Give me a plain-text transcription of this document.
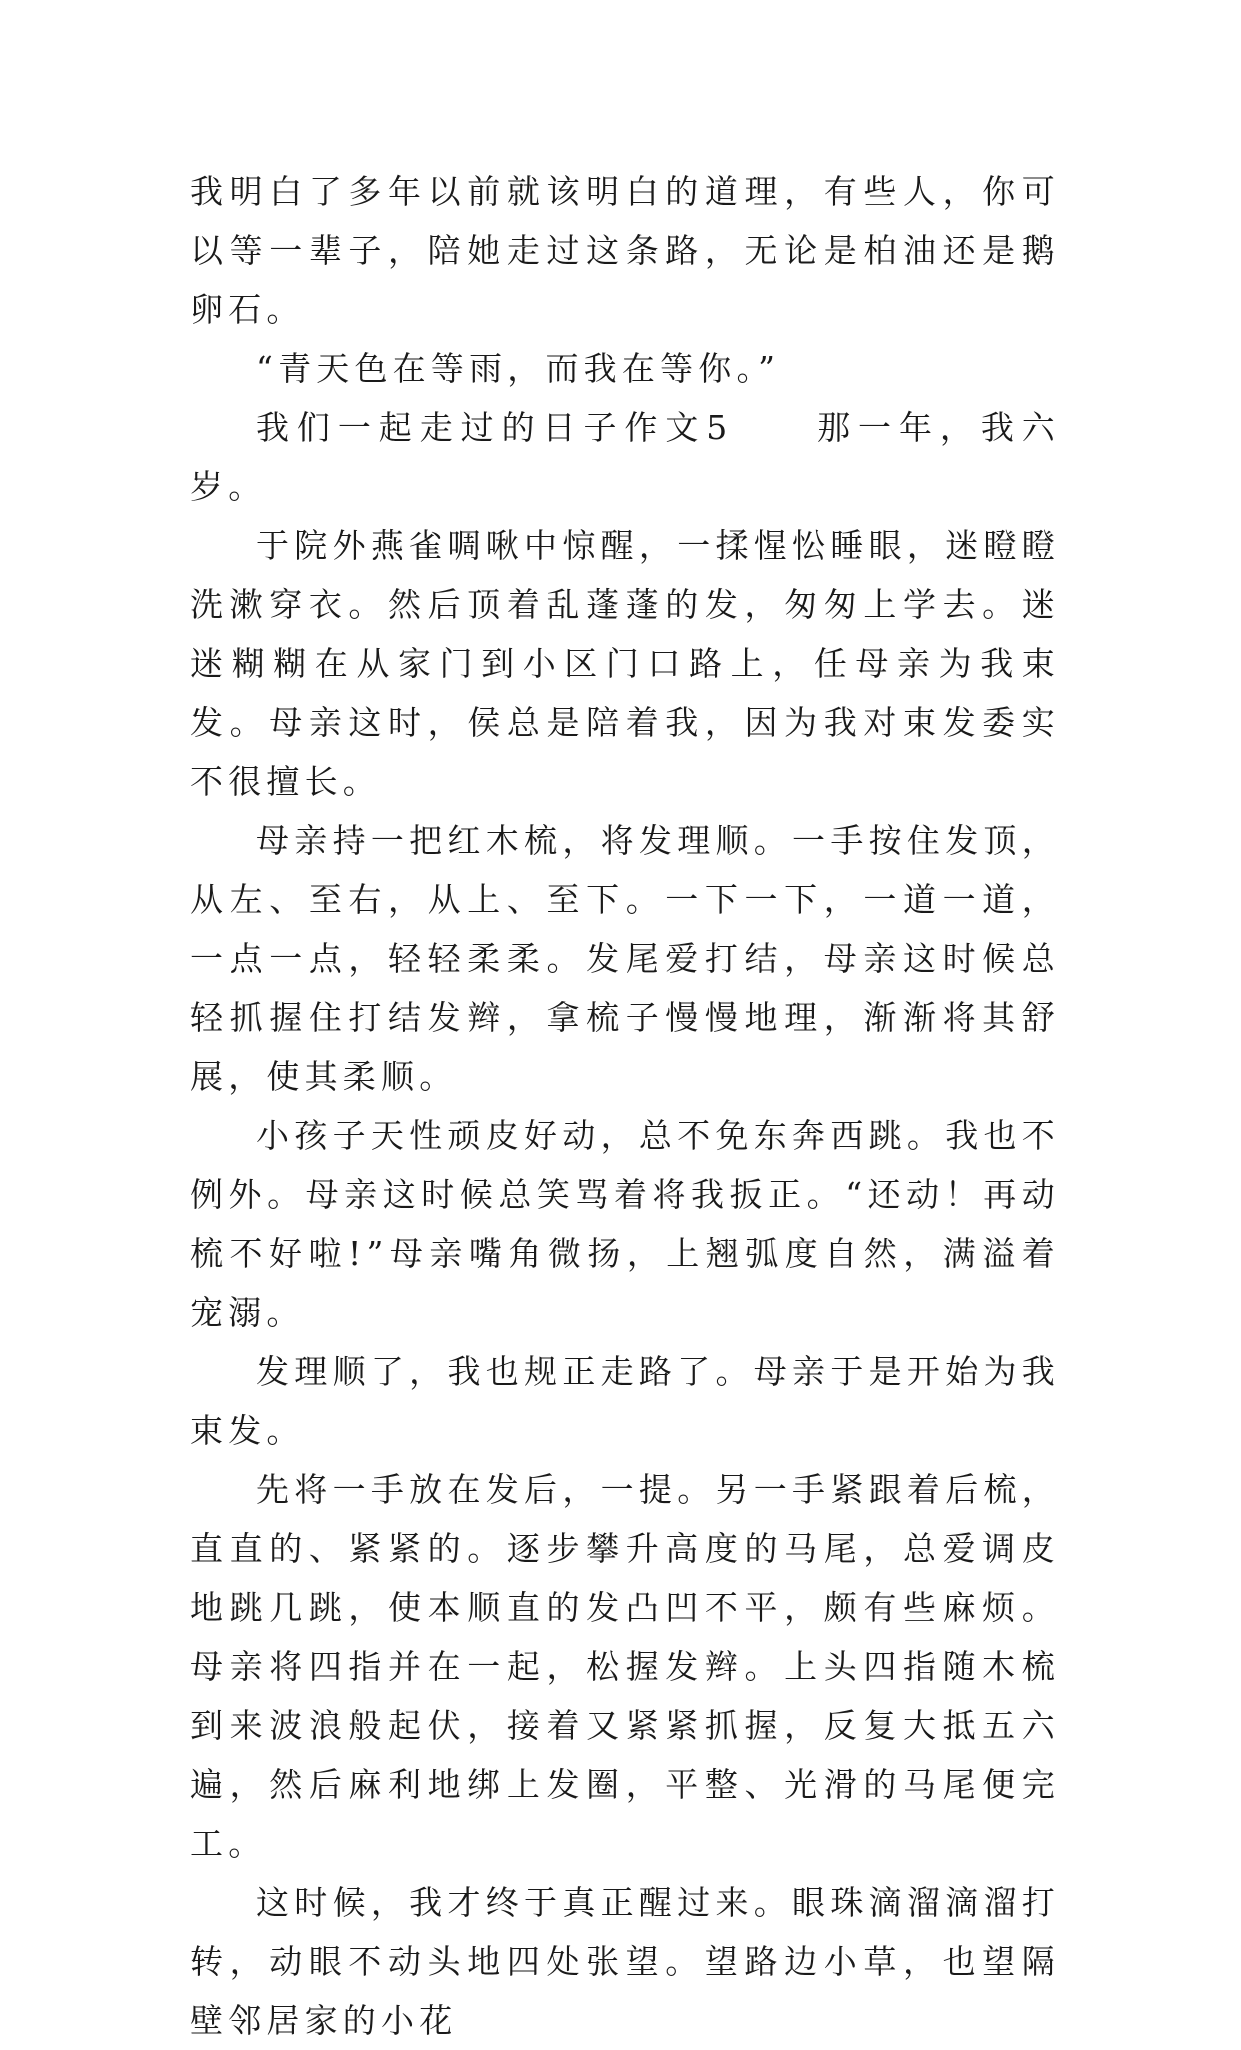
我明白了多年以前就该明白的道理，有些人，你可以等一辈子，陪她走过这条路，无论是柏油还是鹅卵石。

“青天色在等雨，而我在等你。”

我们一起走过的日子作文5　　那一年，我六岁。

于院外燕雀啁啾中惊醒，一揉惺忪睡眼，迷瞪瞪洗漱穿衣。然后顶着乱蓬蓬的发，匆匆上学去。迷迷糊糊在从家门到小区门口路上，任母亲为我束发。母亲这时，侯总是陪着我，因为我对束发委实不很擅长。

母亲持一把红木梳，将发理顺。一手按住发顶，从左、至右，从上、至下。一下一下，一道一道，一点一点，轻轻柔柔。发尾爱打结，母亲这时候总轻抓握住打结发辫，拿梳子慢慢地理，渐渐将其舒展，使其柔顺。

小孩子天性顽皮好动，总不免东奔西跳。我也不例外。母亲这时候总笑骂着将我扳正。“还动！再动梳不好啦!”母亲嘴角微扬，上翘弧度自然，满溢着宠溺。

发理顺了，我也规正走路了。母亲于是开始为我束发。

先将一手放在发后，一提。另一手紧跟着后梳，直直的、紧紧的。逐步攀升高度的马尾，总爱调皮地跳几跳，使本顺直的发凸凹不平，颇有些麻烦。母亲将四指并在一起，松握发辫。上头四指随木梳到来波浪般起伏，接着又紧紧抓握，反复大抵五六遍，然后麻利地绑上发圈，平整、光滑的马尾便完工。

这时候，我才终于真正醒过来。眼珠滴溜滴溜打转，动眼不动头地四处张望。望路边小草，也望隔壁邻居家的小花
